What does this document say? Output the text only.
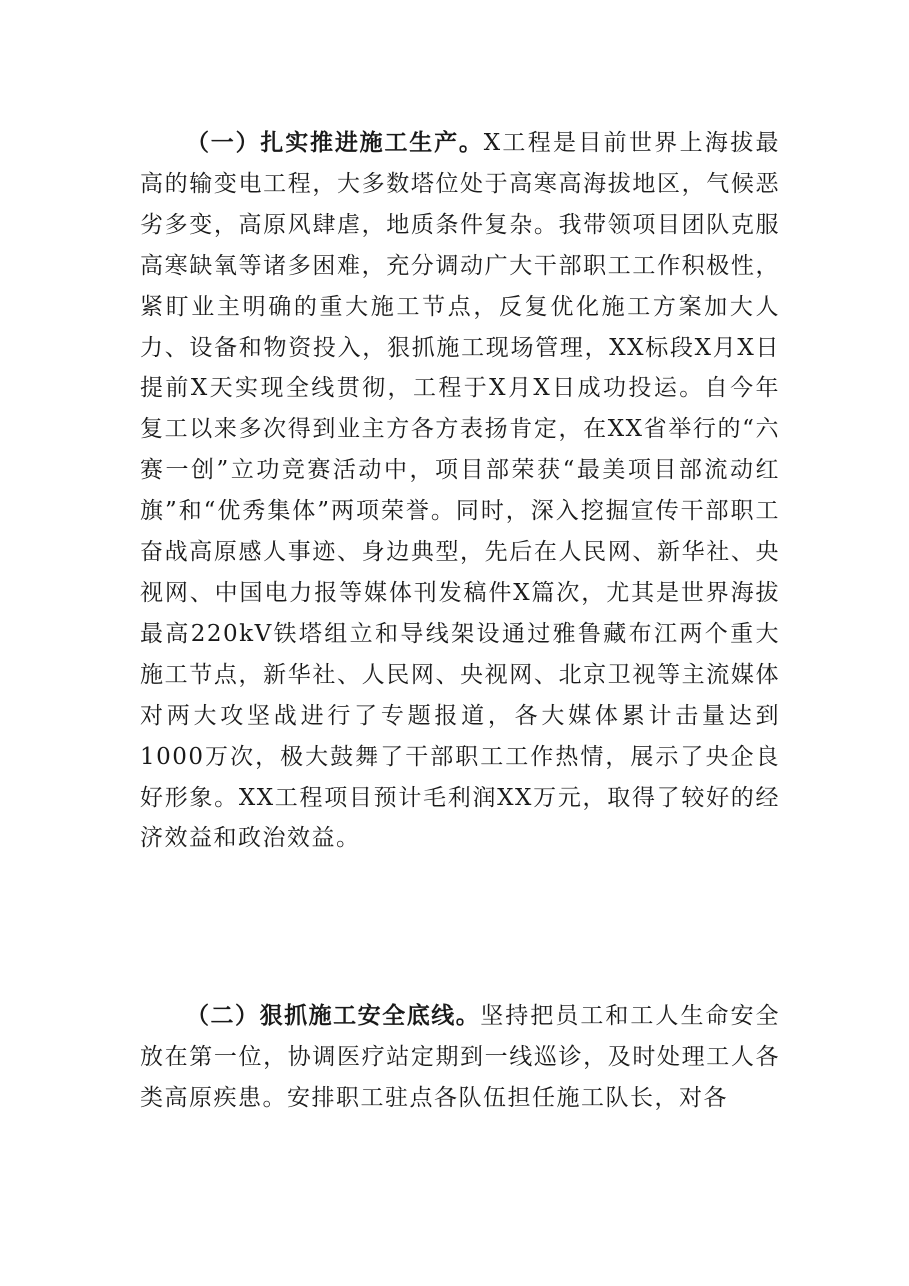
（一）扎实推进施工生产。X工程是目前世界上海拔最高的输变电工程，大多数塔位处于高寒高海拔地区，气候恶劣多变，高原风肆虐，地质条件复杂。我带领项目团队克服高寒缺氧等诸多困难，充分调动广大干部职工工作积极性，紧盯业主明确的重大施工节点，反复优化施工方案加大人力、设备和物资投入，狠抓施工现场管理，XX标段X月X日提前X天实现全线贯彻，工程于X月X日成功投运。自今年复工以来多次得到业主方各方表扬肯定，在XX省举行的“六赛一创”立功竞赛活动中，项目部荣获“最美项目部流动红旗”和“优秀集体”两项荣誉。同时，深入挖掘宣传干部职工奋战高原感人事迹、身边典型，先后在人民网、新华社、央视网、中国电力报等媒体刊发稿件X篇次，尤其是世界海拔最高220kV铁塔组立和导线架设通过雅鲁藏布江两个重大施工节点，新华社、人民网、央视网、北京卫视等主流媒体对两大攻坚战进行了专题报道，各大媒体累计击量达到1000万次，极大鼓舞了干部职工工作热情，展示了央企良好形象。XX工程项目预计毛利润XX万元，取得了较好的经济效益和政治效益。

（二）狠抓施工安全底线。坚持把员工和工人生命安全放在第一位，协调医疗站定期到一线巡诊，及时处理工人各类高原疾患。安排职工驻点各队伍担任施工队长，对各
